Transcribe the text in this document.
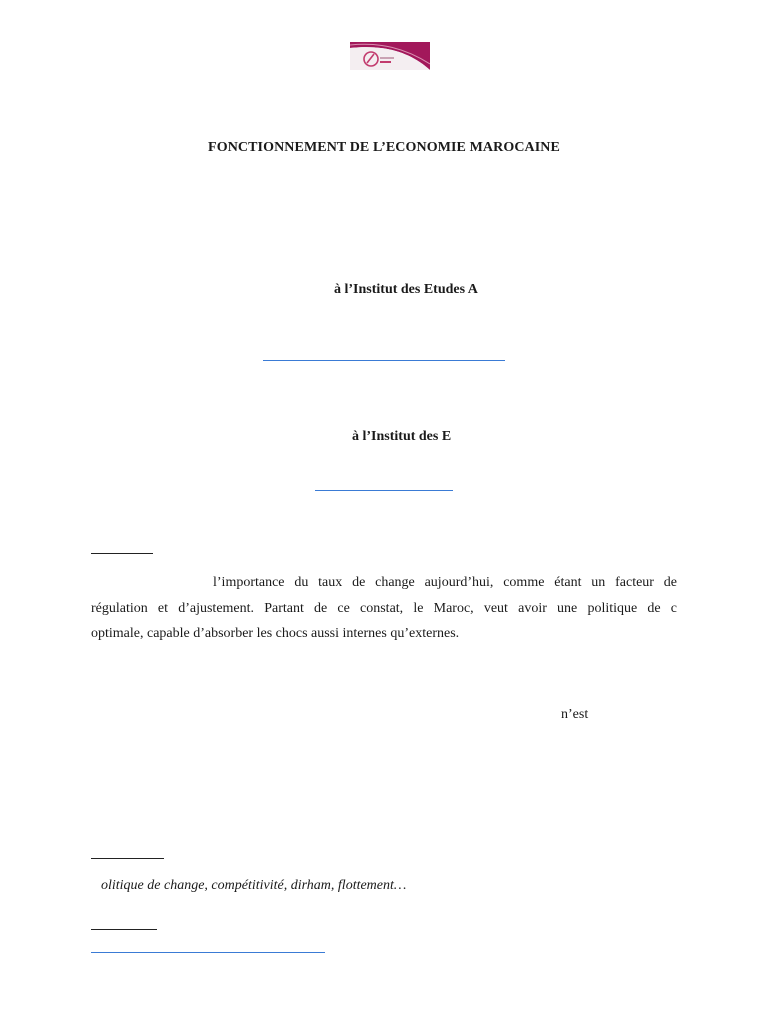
FONCTIONNEMENT DE L’ECONOMIE MAROCAINE
à l’Institut des Etudes A
à l’Institut des E
l’importance du taux de change aujourd’hui, comme étant un facteur de
régulation et d’ajustement. Partant de ce constat, le Maroc, veut avoir une politique de c
optimale, capable d’absorber les chocs aussi internes qu’externes.
n’est
olitique de change, compétitivité, dirham, flottement…
